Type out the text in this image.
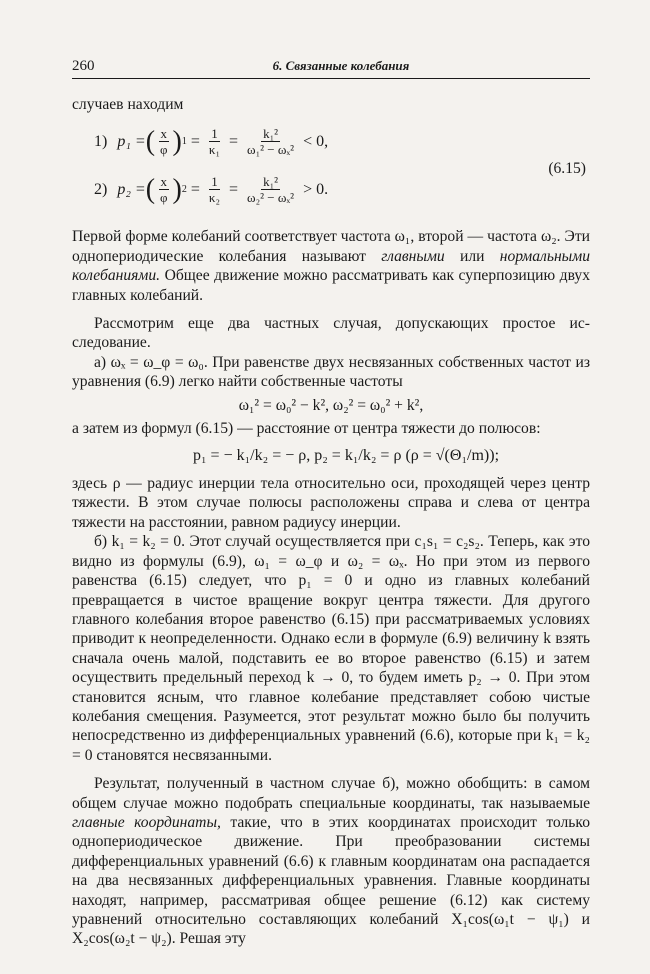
260	6. Связанные колебания

случаев находим

1) p₁ = ( $\frac{x}{\varphi}$ ) $1 = \frac{1}{\text{κ₁}} = \frac{\text{k₁²}}{\text{ω₁² − ωₓ²}} < 0$,
2) p₂ = ( $\frac{x}{\varphi}$ ) $2 = \frac{1}{\text{κ₂}} = \frac{\text{k₁²}}{\text{ω₂² − ωₓ²}} > 0$.
(6.15)

Первой форме колебаний соответствует частота ω₁, второй — частота ω₂. Эти однопериодические колебания называют главными или нормальными колебаниями. Общее движение можно рассматривать как суперпозицию двух главных колебаний.

Рассмотрим еще два частных случая, допускающих простое исследование.

а) ωₓ = ω_φ = ω₀. При равенстве двух несвязанных собственных частот из уравнения (6.9) легко найти собственные частоты

ω₁² = ω₀² − k², ω₂² = ω₀² + k²,

а затем из формул (6.15) — расстояние от центра тяжести до полюсов:

p₁ = − k₁/k₂ = − ρ, p₂ = k₁/k₂ = ρ (ρ = √(Θ₁/m));

здесь ρ — радиус инерции тела относительно оси, проходящей через центр тяжести. В этом случае полюсы расположены справа и слева от центра тяжести на расстоянии, равном радиусу инерции.

б) k₁ = k₂ = 0. Этот случай осуществляется при c₁s₁ = c₂s₂. Теперь, как это видно из формулы (6.9), ω₁ = ω_φ и ω₂ = ωₓ. Но при этом из первого равенства (6.15) следует, что p₁ = 0 и одно из главных колебаний превращается в чистое вращение вокруг центра тяжести. Для другого главного колебания второе равенство (6.15) при рассматриваемых условиях приводит к неопределенности. Однако если в формуле (6.9) величину k взять сначала очень малой, подставить ее во второе равенство (6.15) и затем осуществить предельный переход k → 0, то будем иметь p₂ → 0. При этом становится ясным, что главное колебание представляет собою чистые колебания смещения. Разумеется, этот результат можно было бы получить непосредственно из дифференциальных уравнений (6.6), которые при k₁ = k₂ = 0 становятся несвязанными.

Результат, полученный в частном случае б), можно обобщить: в самом общем случае можно подобрать специальные координаты, так называемые главные координаты, такие, что в этих координатах происходит только однопериодическое движение. При преобразовании системы дифференциальных уравнений (6.6) к главным координатам она распадается на два несвязанных дифференциальных уравнения. Главные координаты находят, например, рассматривая общее решение (6.12) как систему уравнений относительно составляющих колебаний X₁cos(ω₁t − ψ₁) и X₂cos(ω₂t − ψ₂). Решая эту
